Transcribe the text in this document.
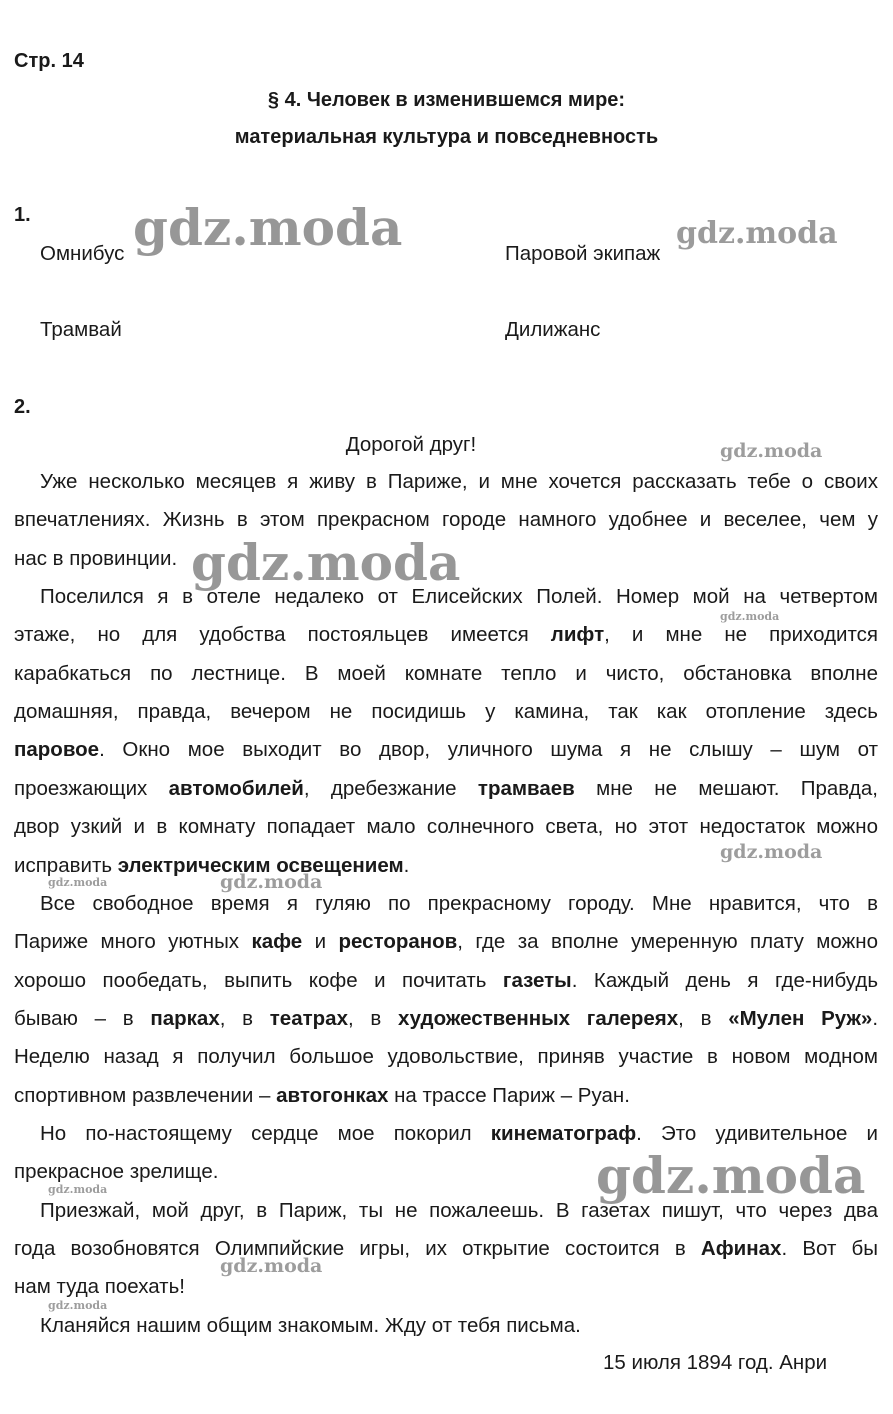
Стр. 14
§ 4. Человек в изменившемся мире:
материальная культура и повседневность
1.
Омнибус	Паровой экипаж
Трамвай	Дилижанс
2.
Дорогой друг!
Уже несколько месяцев я живу в Париже, и мне хочется рассказать тебе о своих
впечатлениях. Жизнь в этом прекрасном городе намного удобнее и веселее, чем у
нас в провинции.
Поселился я в отеле недалеко от Елисейских Полей. Номер мой на четвертом
этаже, но для удобства постояльцев имеется лифт, и мне не приходится
карабкаться по лестнице. В моей комнате тепло и чисто, обстановка вполне
домашняя, правда, вечером не посидишь у камина, так как отопление здесь
паровое. Окно мое выходит во двор, уличного шума я не слышу – шум от
проезжающих автомобилей, дребезжание трамваев мне не мешают. Правда,
двор узкий и в комнату попадает мало солнечного света, но этот недостаток можно
исправить электрическим освещением.
Все свободное время я гуляю по прекрасному городу. Мне нравится, что в
Париже много уютных кафе и ресторанов, где за вполне умеренную плату можно
хорошо пообедать, выпить кофе и почитать газеты. Каждый день я где-нибудь
бываю – в парках, в театрах, в художественных галереях, в «Мулен Руж».
Неделю назад я получил большое удовольствие, приняв участие в новом модном
спортивном развлечении – автогонках на трассе Париж – Руан.
Но по-настоящему сердце мое покорил кинематограф. Это удивительное и
прекрасное зрелище.
Приезжай, мой друг, в Париж, ты не пожалеешь. В газетах пишут, что через два
года возобновятся Олимпийские игры, их открытие состоится в Афинах. Вот бы
нам туда поехать!
Кланяйся нашим общим знакомым. Жду от тебя письма.
15 июля 1894 год. Анри
gdz.moda	gdz.moda
gdz.moda
gdz.moda
gdz.moda
gdz.moda
gdz.moda	gdz.moda
gdz.moda
gdz.moda
gdz.moda
gdz.moda
